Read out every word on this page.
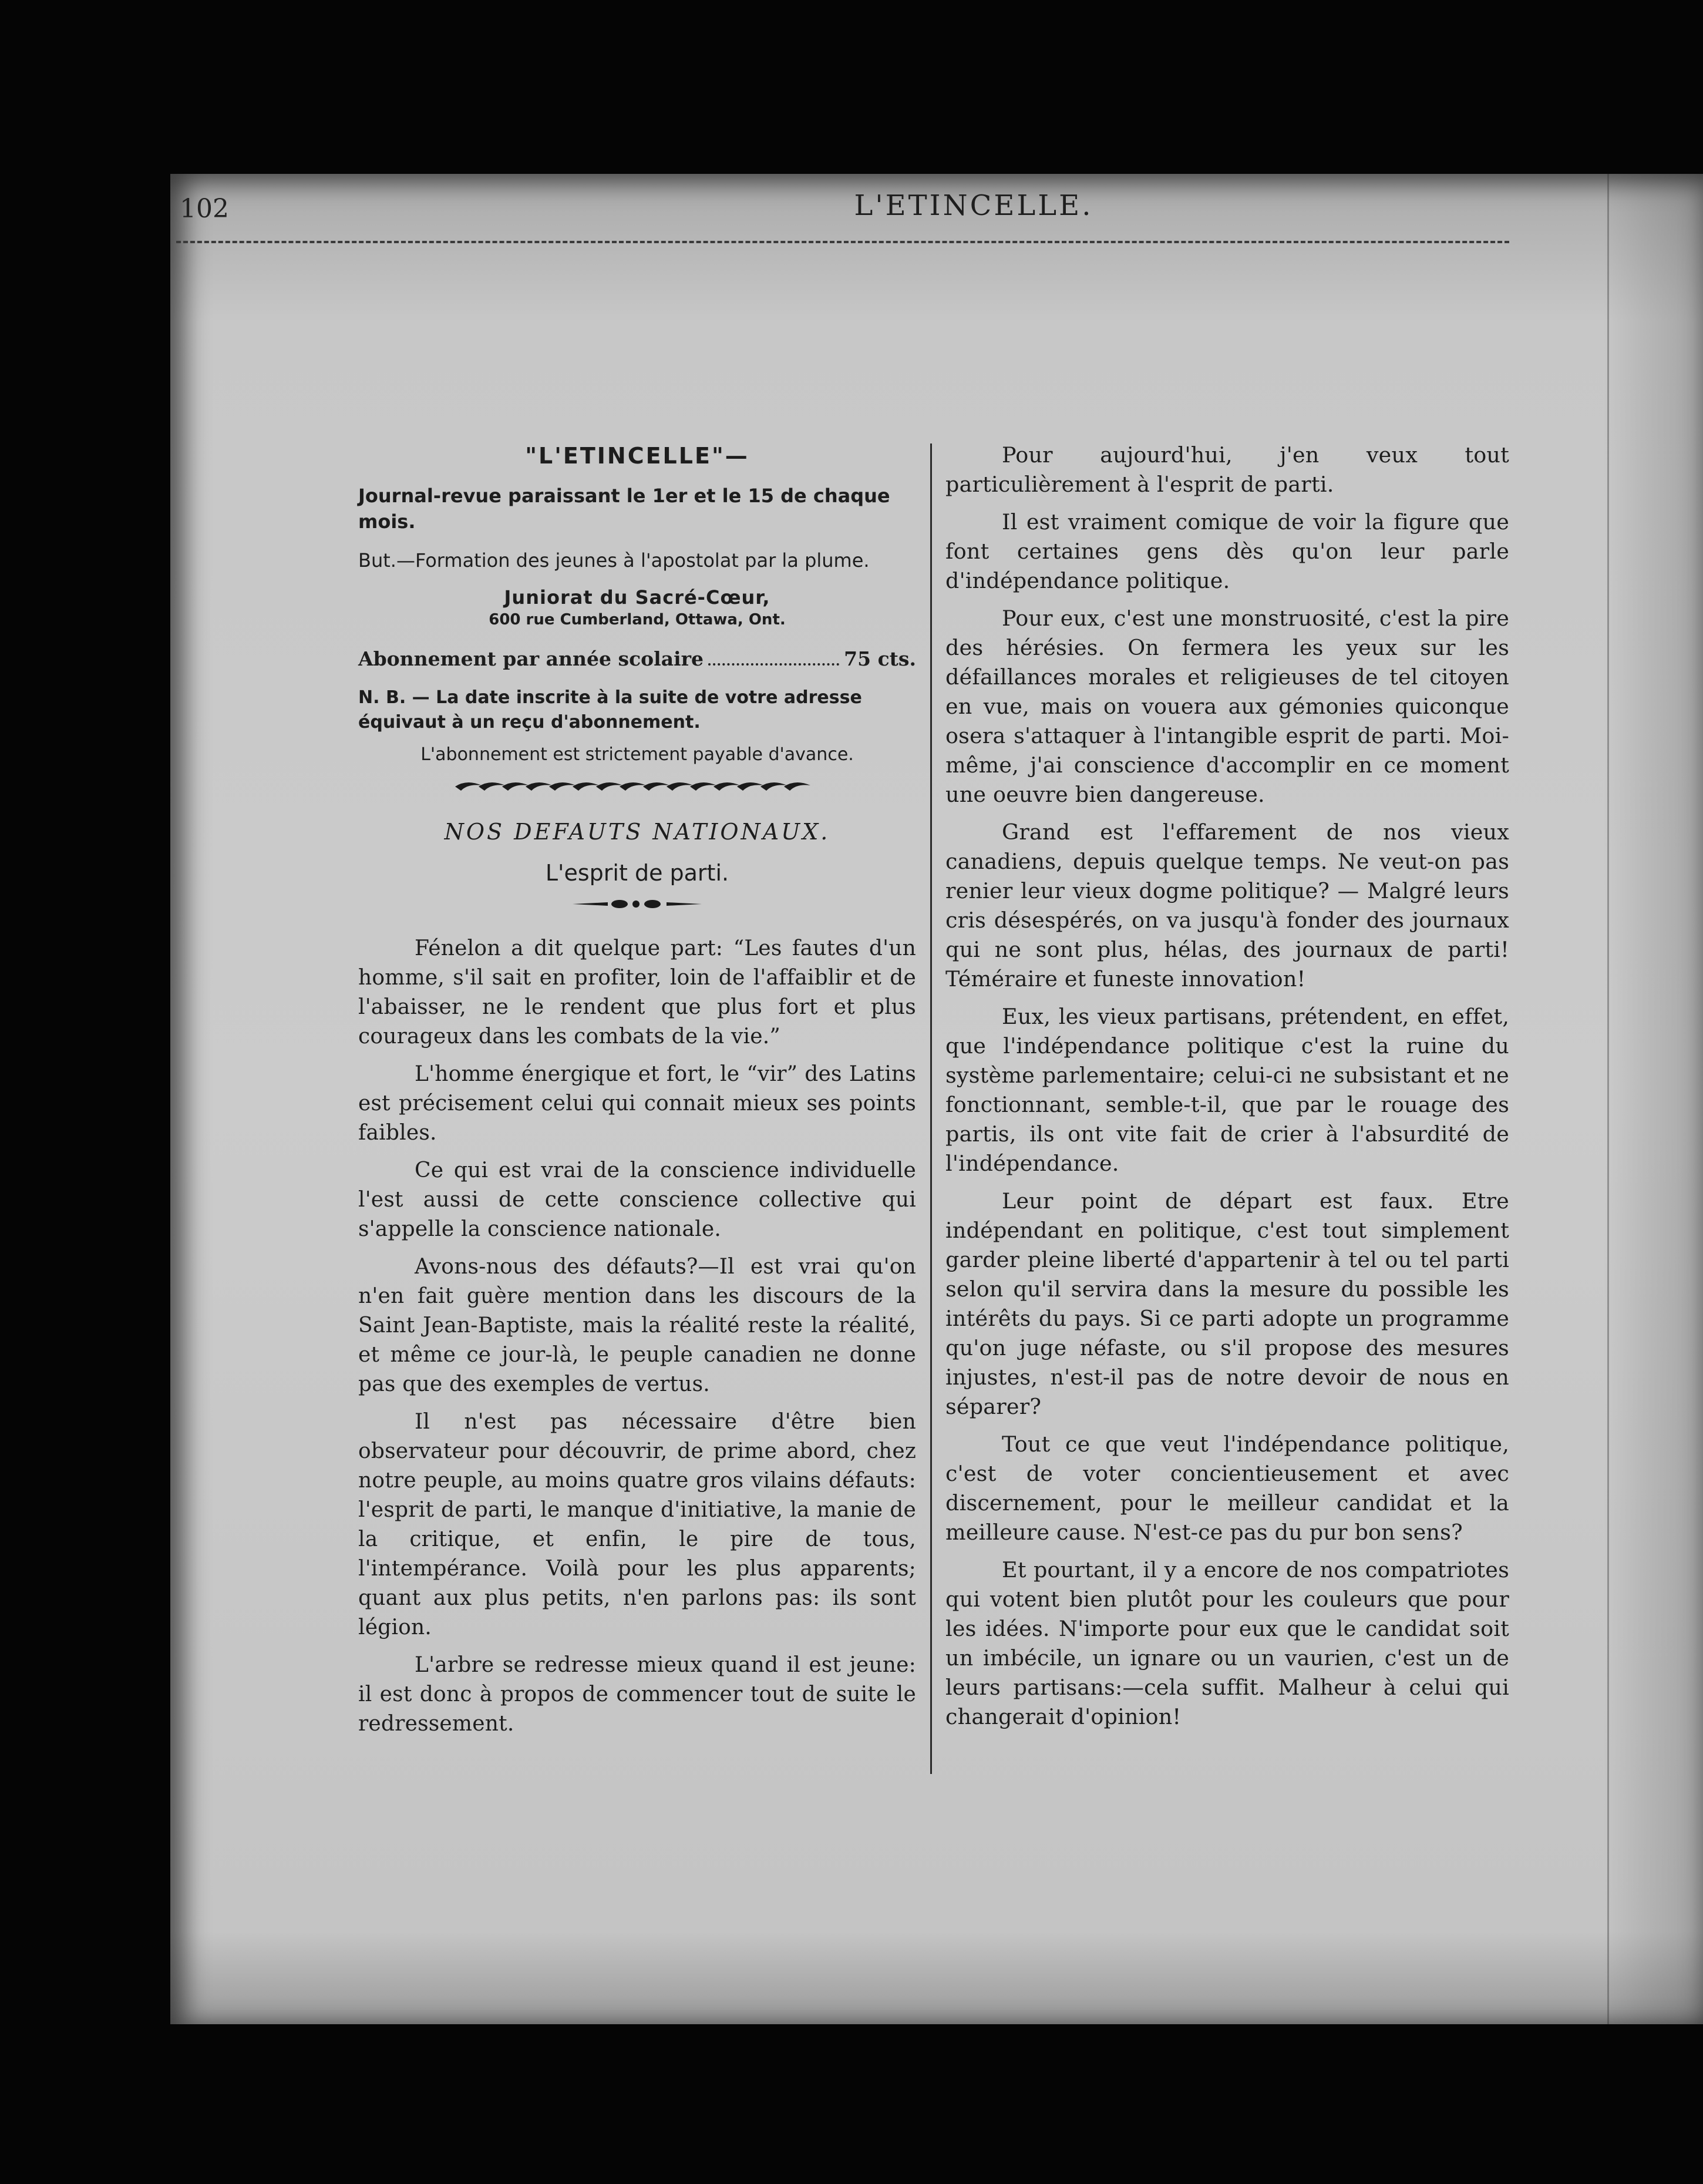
102	L'ETINCELLE.
"L'ETINCELLE"—
Journal-revue paraissant le 1er et le 15 de chaque mois.
But.—Formation des jeunes à l'apostolat par la plume.
Juniorat du Sacré-Cœur,
600 rue Cumberland, Ottawa, Ont.
Abonnement par année scolaire	75 cts.
N. B. — La date inscrite à la suite de votre adresse équivaut à un reçu d'abonnement.
L'abonnement est strictement payable d'avance.
NOS DEFAUTS NATIONAUX.
L'esprit de parti.

Fénelon a dit quelque part: “Les fautes d'un homme, s'il sait en profiter, loin de l'affaiblir et de l'abaisser, ne le rendent que plus fort et plus courageux dans les combats de la vie.”

L'homme énergique et fort, le “vir” des Latins est précisement celui qui connait mieux ses points faibles.

Ce qui est vrai de la conscience individuelle l'est aussi de cette conscience collective qui s'appelle la conscience nationale.

Avons-nous des défauts?—Il est vrai qu'on n'en fait guère mention dans les discours de la Saint Jean-Baptiste, mais la réalité reste la réalité, et même ce jour-là, le peuple canadien ne donne pas que des exemples de vertus.

Il n'est pas nécessaire d'être bien observateur pour découvrir, de prime abord, chez notre peuple, au moins quatre gros vilains défauts: l'esprit de parti, le manque d'initiative, la manie de la critique, et enfin, le pire de tous, l'intempérance. Voilà pour les plus apparents; quant aux plus petits, n'en parlons pas: ils sont légion.

L'arbre se redresse mieux quand il est jeune: il est donc à propos de commencer tout de suite le redressement.

Pour aujourd'hui, j'en veux tout particulièrement à l'esprit de parti.

Il est vraiment comique de voir la figure que font certaines gens dès qu'on leur parle d'indépendance politique.

Pour eux, c'est une monstruosité, c'est la pire des hérésies. On fermera les yeux sur les défaillances morales et religieuses de tel citoyen en vue, mais on vouera aux gémonies quiconque osera s'attaquer à l'intangible esprit de parti. Moi-même, j'ai conscience d'accomplir en ce moment une oeuvre bien dangereuse.

Grand est l'effarement de nos vieux canadiens, depuis quelque temps. Ne veut-on pas renier leur vieux dogme politique? — Malgré leurs cris désespérés, on va jusqu'à fonder des journaux qui ne sont plus, hélas, des journaux de parti! Téméraire et funeste innovation!

Eux, les vieux partisans, prétendent, en effet, que l'indépendance politique c'est la ruine du système parlementaire; celui-ci ne subsistant et ne fonctionnant, semble-t-il, que par le rouage des partis, ils ont vite fait de crier à l'absurdité de l'indépendance.

Leur point de départ est faux. Etre indépendant en politique, c'est tout simplement garder pleine liberté d'appartenir à tel ou tel parti selon qu'il servira dans la mesure du possible les intérêts du pays. Si ce parti adopte un programme qu'on juge néfaste, ou s'il propose des mesures injustes, n'est-il pas de notre devoir de nous en séparer?

Tout ce que veut l'indépendance politique, c'est de voter concientieusement et avec discernement, pour le meilleur candidat et la meilleure cause. N'est-ce pas du pur bon sens?

Et pourtant, il y a encore de nos compatriotes qui votent bien plutôt pour les couleurs que pour les idées. N'importe pour eux que le candidat soit un imbécile, un ignare ou un vaurien, c'est un de leurs partisans:—cela suffit. Malheur à celui qui changerait d'opinion!
